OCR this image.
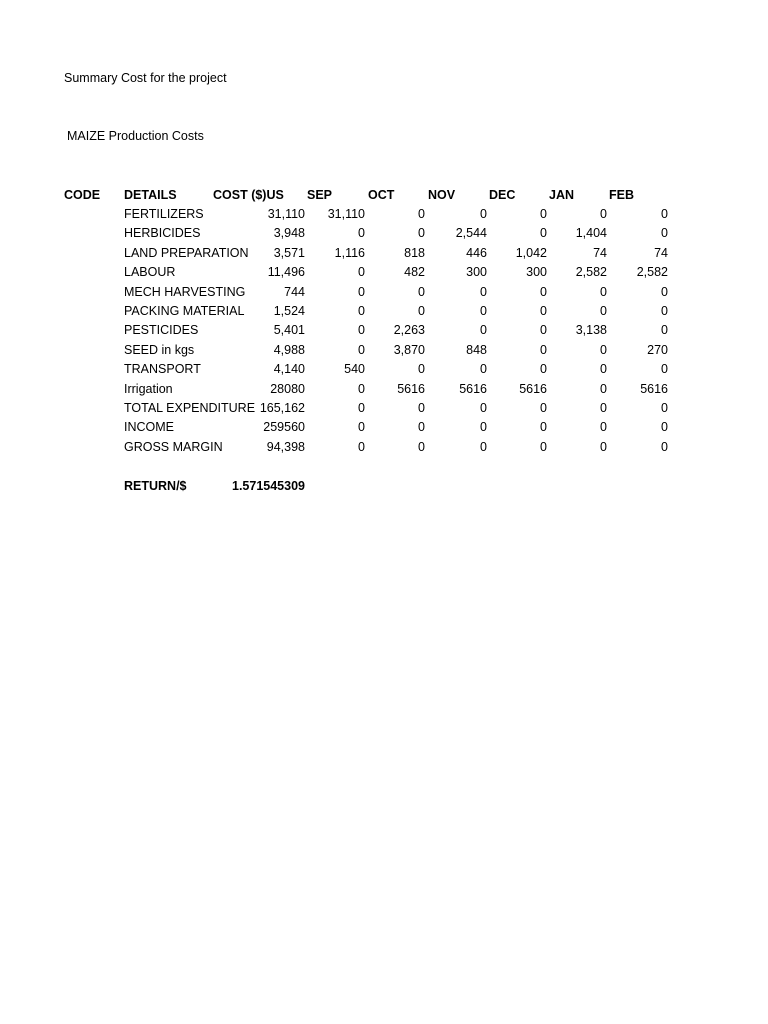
Summary Cost for the project
MAIZE Production Costs
CODE	DETAILS	COST ($)US	SEP	OCT	NOV	DEC	JAN	FEB
FERTILIZERS	31,110	31,110	0	0	0	0	0
HERBICIDES	3,948	0	0	2,544	0	1,404	0
LAND PREPARATION	3,571	1,116	818	446	1,042	74	74
LABOUR	11,496	0	482	300	300	2,582	2,582
MECH HARVESTING	744	0	0	0	0	0	0
PACKING MATERIAL	1,524	0	0	0	0	0	0
PESTICIDES	5,401	0	2,263	0	0	3,138	0
SEED in kgs	4,988	0	3,870	848	0	0	270
TRANSPORT	4,140	540	0	0	0	0	0
Irrigation	28080	0	5616	5616	5616	0	5616
TOTAL EXPENDITURE 165,162	0	0	0	0	0	0
INCOME	259560	0	0	0	0	0	0
GROSS MARGIN	94,398	0	0	0	0	0	0
RETURN/$	1.571545309
